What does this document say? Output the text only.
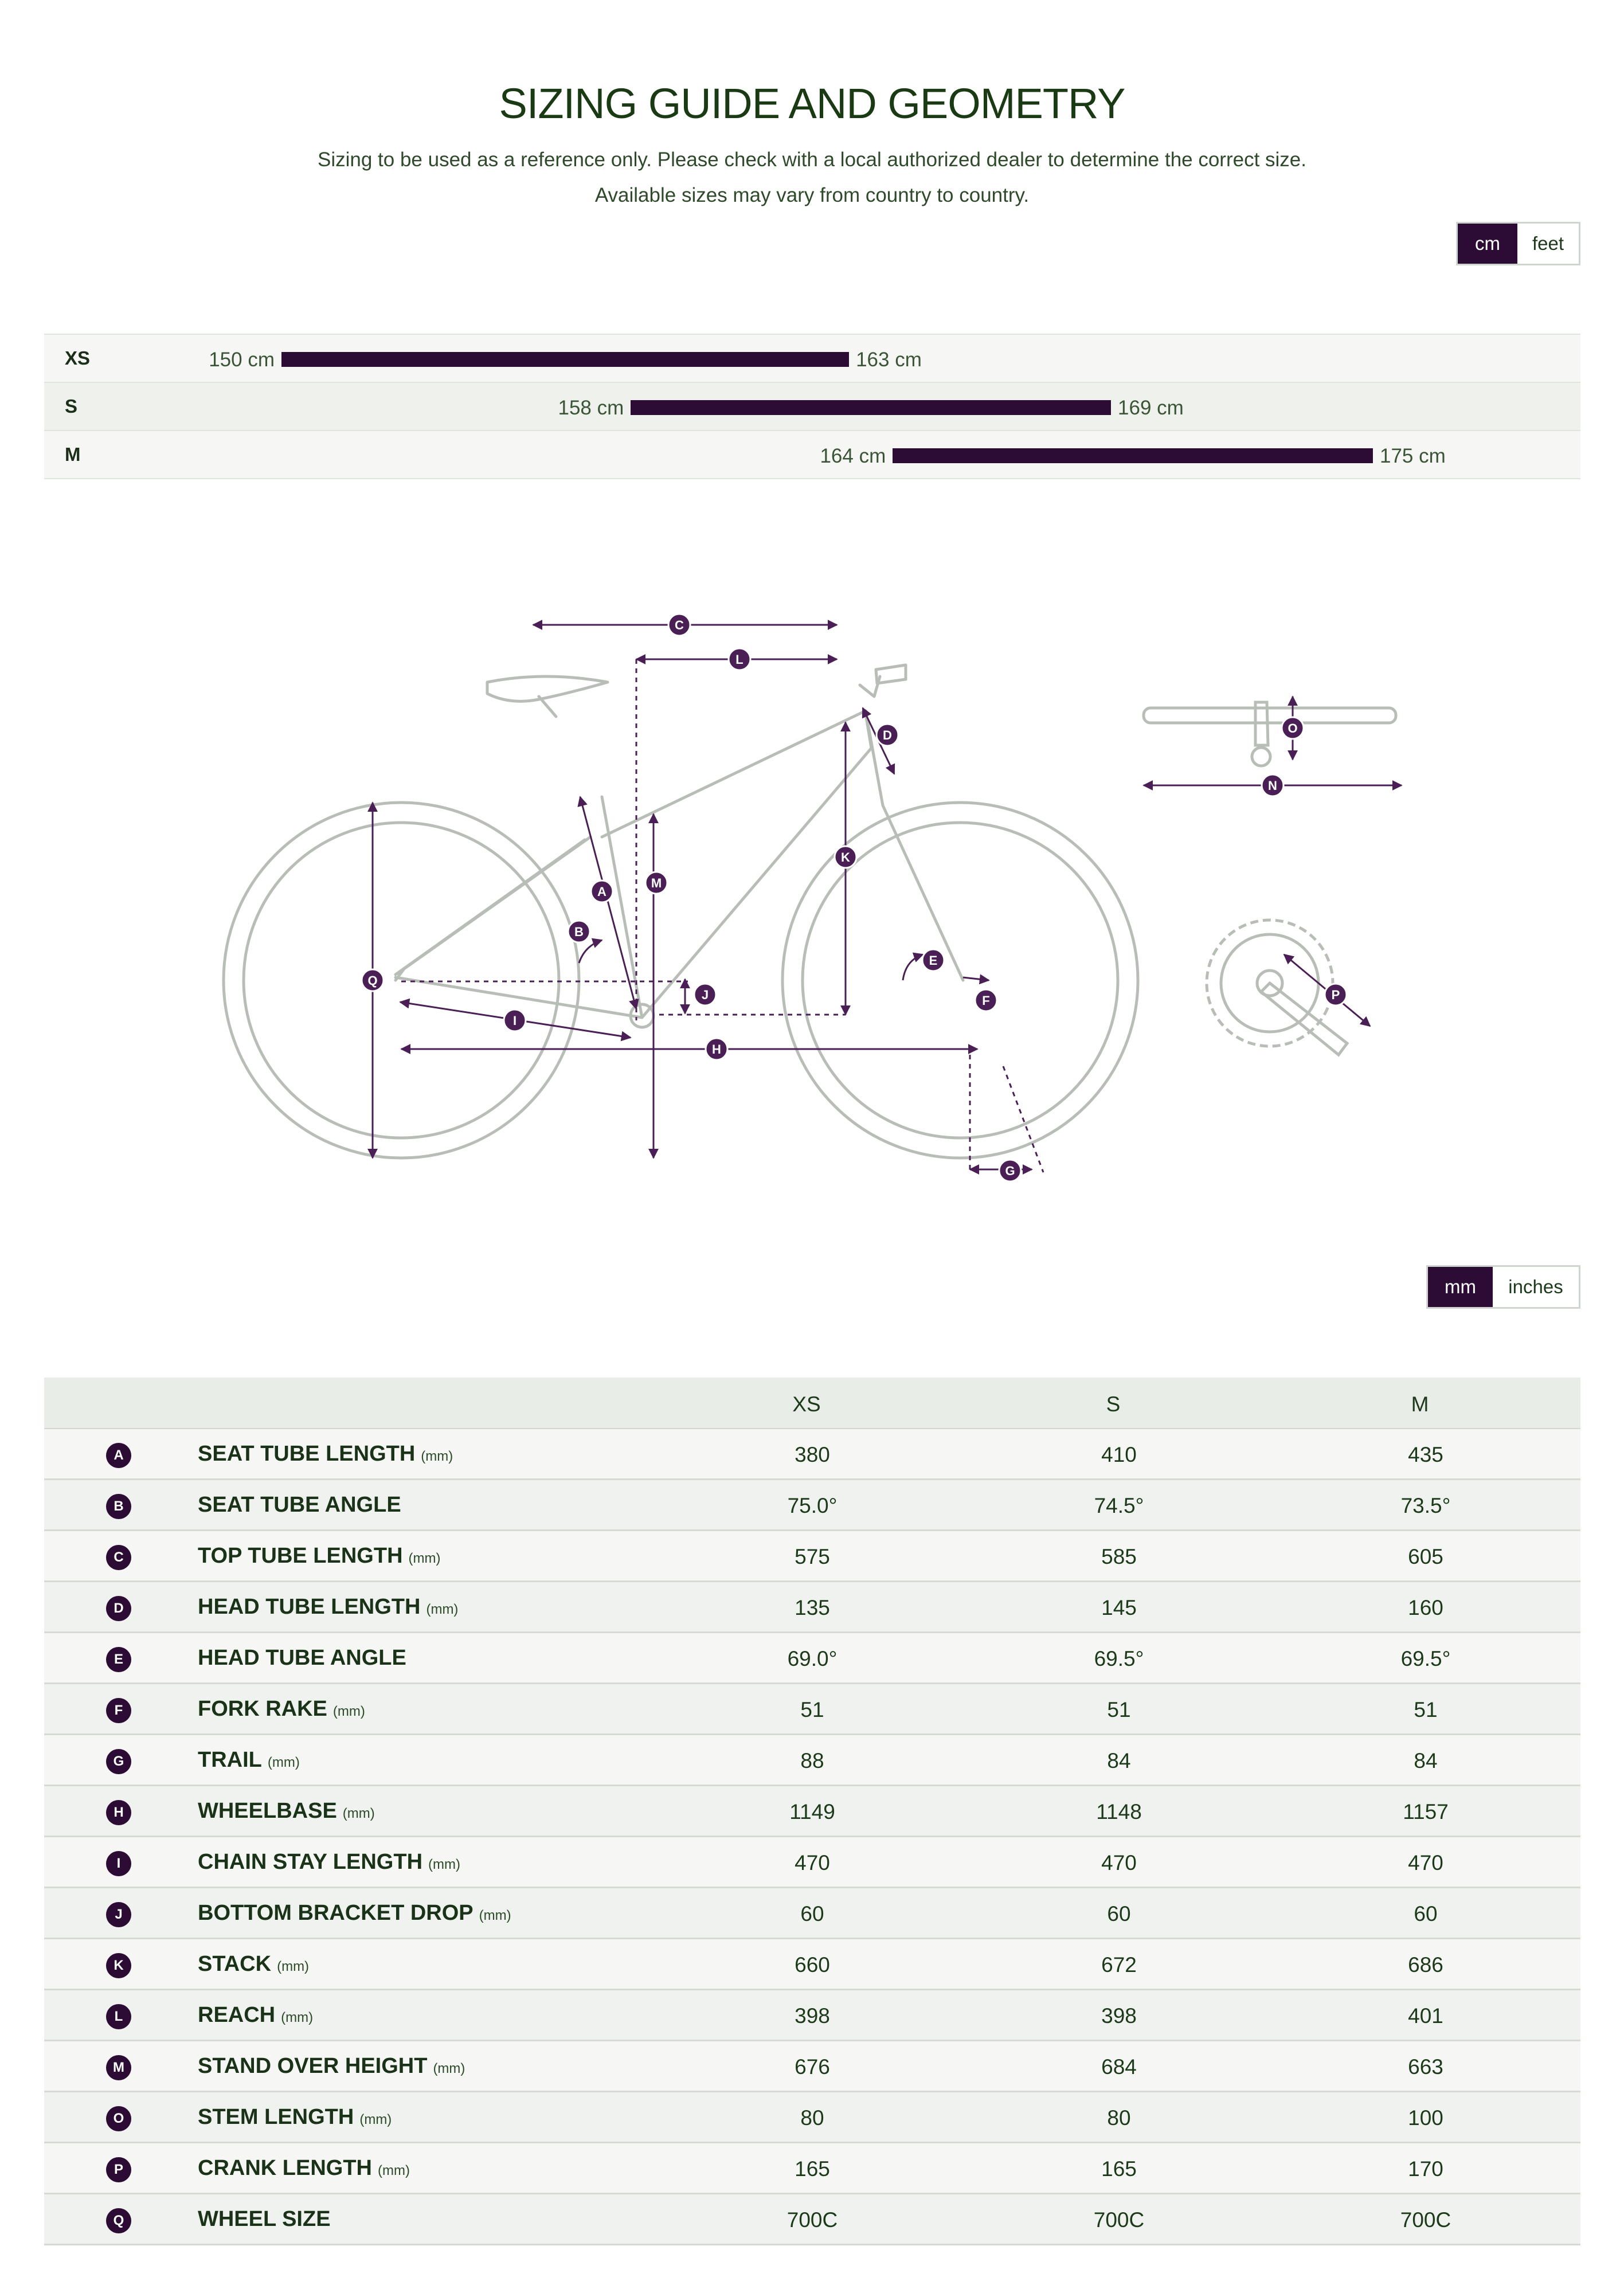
SIZING GUIDE AND GEOMETRY
Sizing to be used as a reference only. Please check with a local authorized dealer to determine the correct size.
Available sizes may vary from country to country.
cm	feet
XS	150 cm	163 cm
S	158 cm	169 cm
M	164 cm	175 cm
A
B
C
D
E
F
G
H
I
J
K
L
M
N
O
P
Q
mm	inches
XS	S	M
A	SEAT TUBE LENGTH (mm)	380	410	435
B	SEAT TUBE ANGLE	75.0°	74.5°	73.5°
C	TOP TUBE LENGTH (mm)	575	585	605
D	HEAD TUBE LENGTH (mm)	135	145	160
E	HEAD TUBE ANGLE	69.0°	69.5°	69.5°
F	FORK RAKE (mm)	51	51	51
G	TRAIL (mm)	88	84	84
H	WHEELBASE (mm)	1149	1148	1157
I	CHAIN STAY LENGTH (mm)	470	470	470
J	BOTTOM BRACKET DROP (mm)	60	60	60
K	STACK (mm)	660	672	686
L	REACH (mm)	398	398	401
M	STAND OVER HEIGHT (mm)	676	684	663
O	STEM LENGTH (mm)	80	80	100
P	CRANK LENGTH (mm)	165	165	170
Q	WHEEL SIZE	700C	700C	700C
